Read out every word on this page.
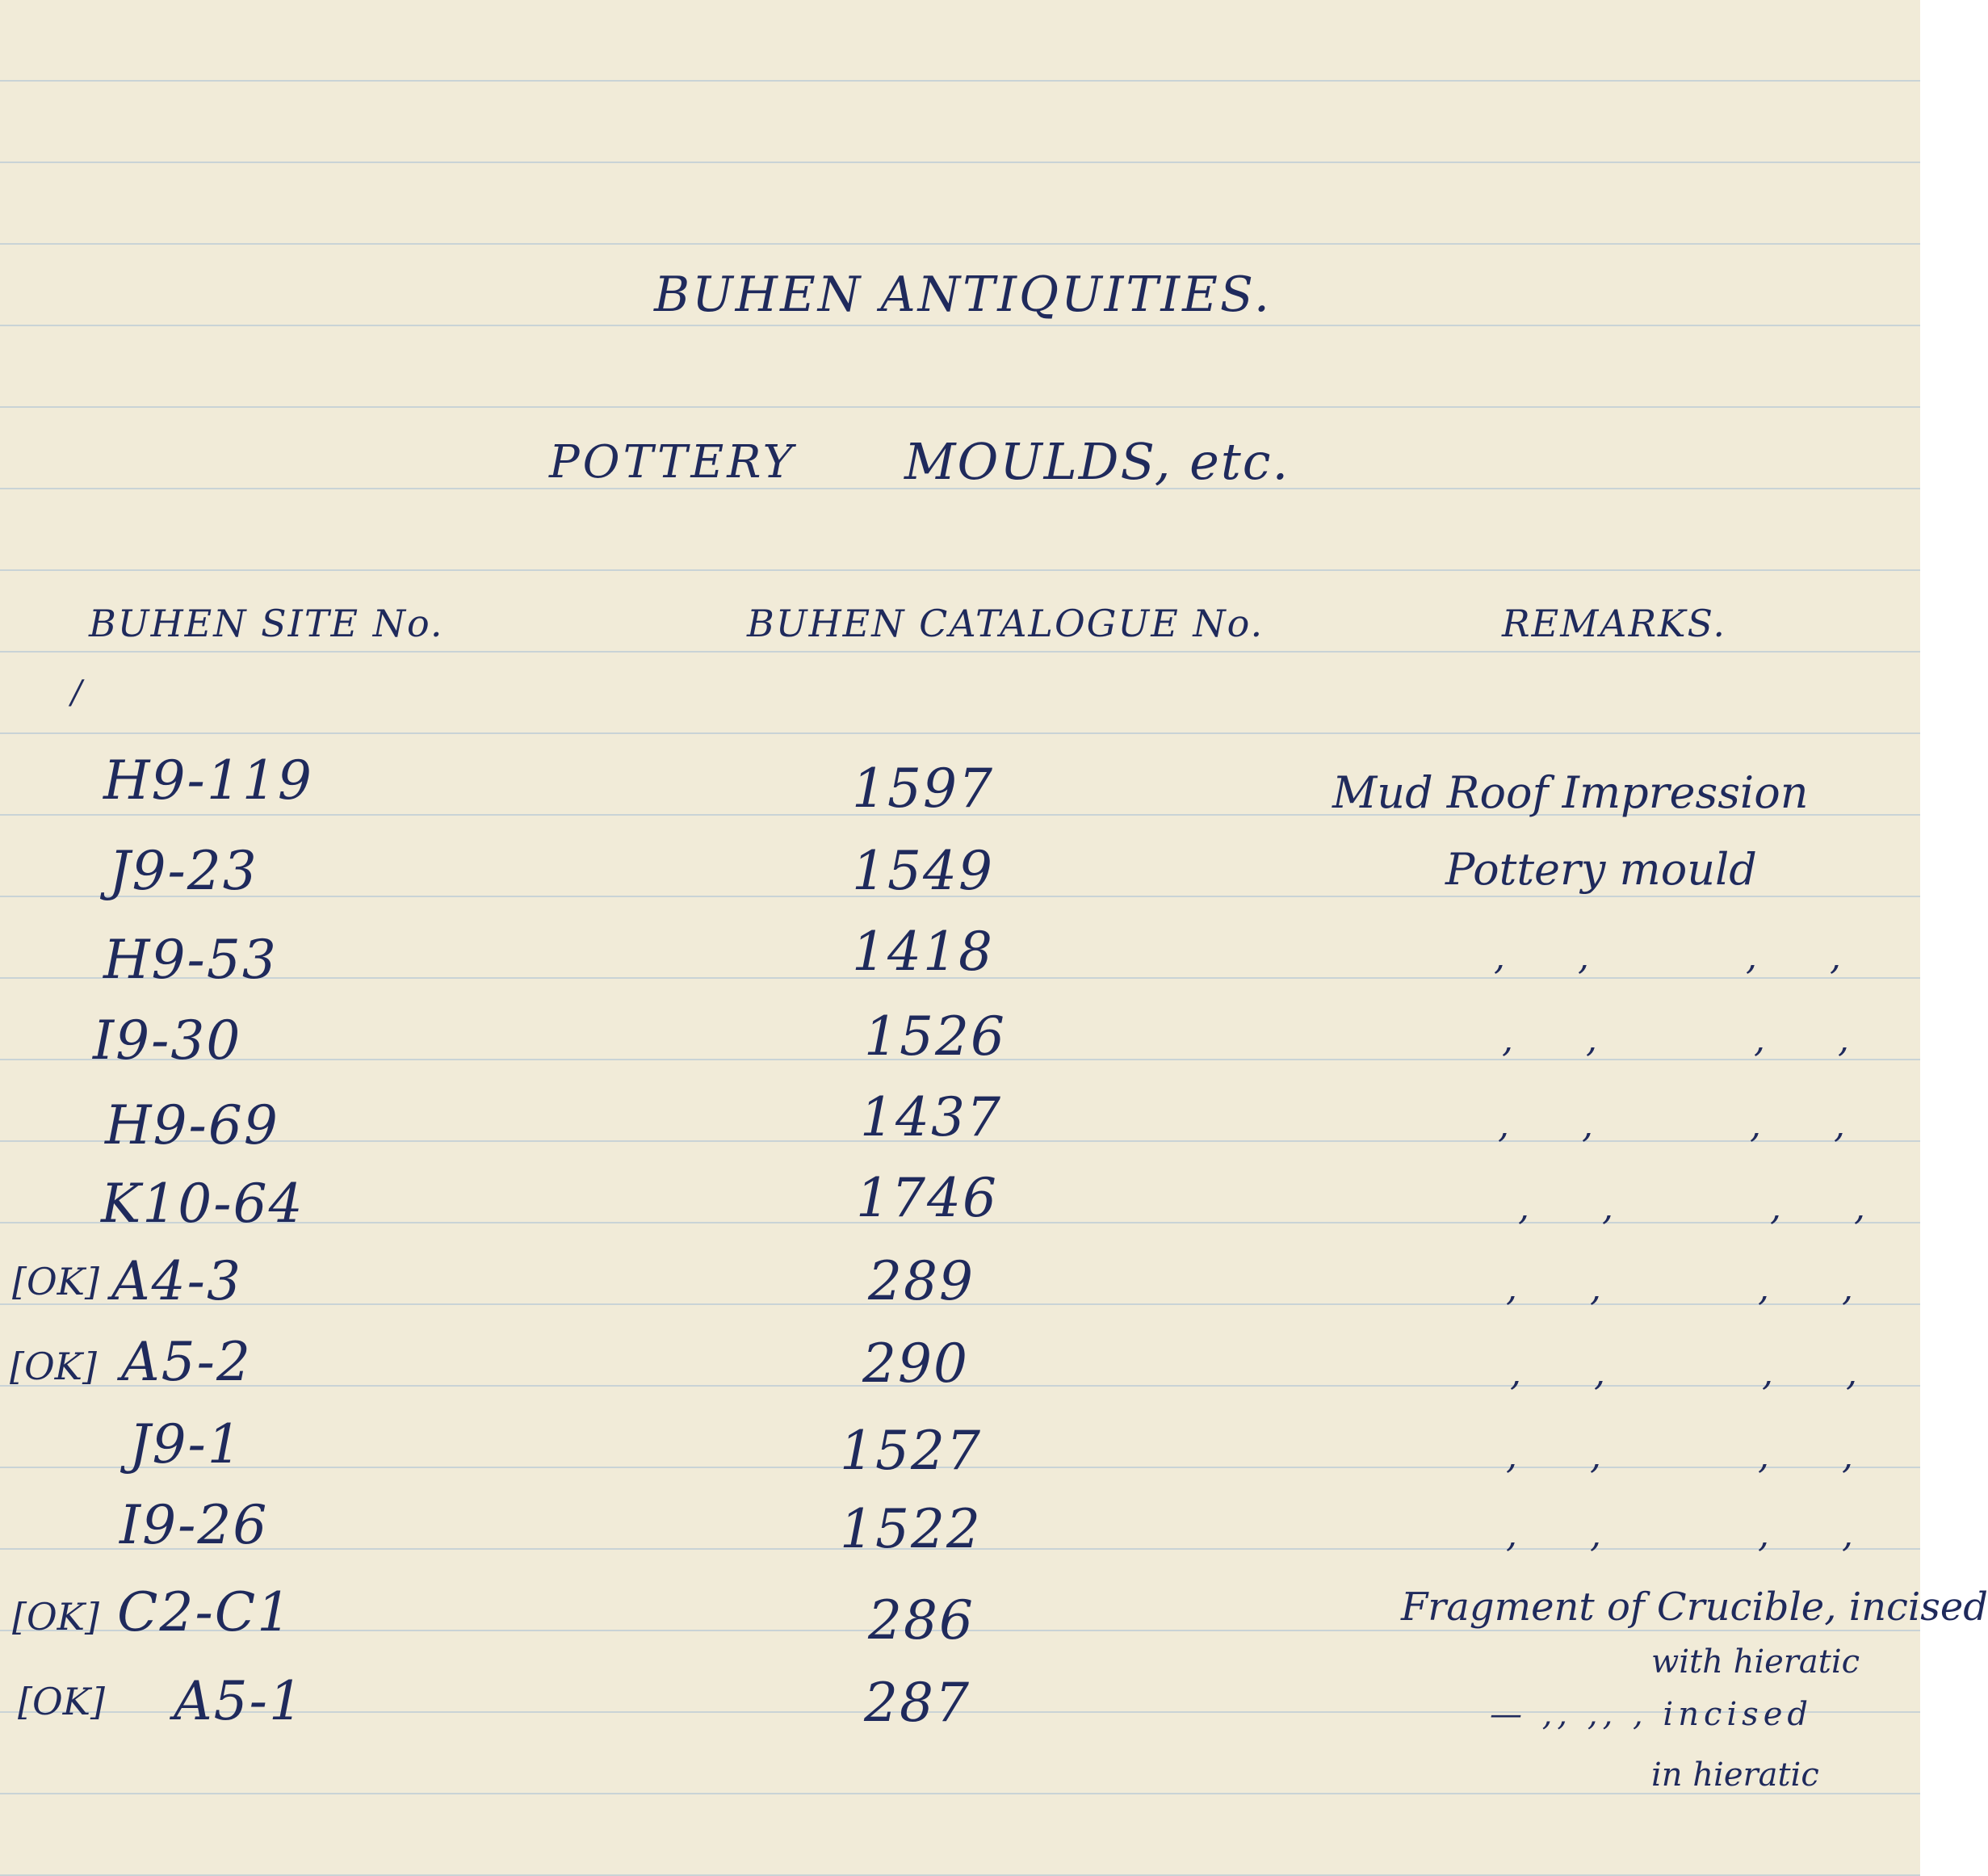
BUHEN ANTIQUITIES.
POTTERY MOULDS, etc.
BUHEN SITE No.	BUHEN CATALOGUE No.	REMARKS.
/
H9-119	1597	Mud Roof Impression
J9-23	1549	Pottery mould
H9-53	1418	,, ,,
I9-30	1526	,, ,,
H9-69	1437	,, ,,
K10-64	1746	,, ,,
[OK] A4-3	289	,, ,,
[OK] A5-2	290	,, ,,
J9-1	1527	,, ,,
I9-26	1522	,, ,,
[OK] C2-C1	286	Fragment of Crucible, incised
with hieratic
[OK] A5-1	287	— ,, ,, , incised
in hieratic
